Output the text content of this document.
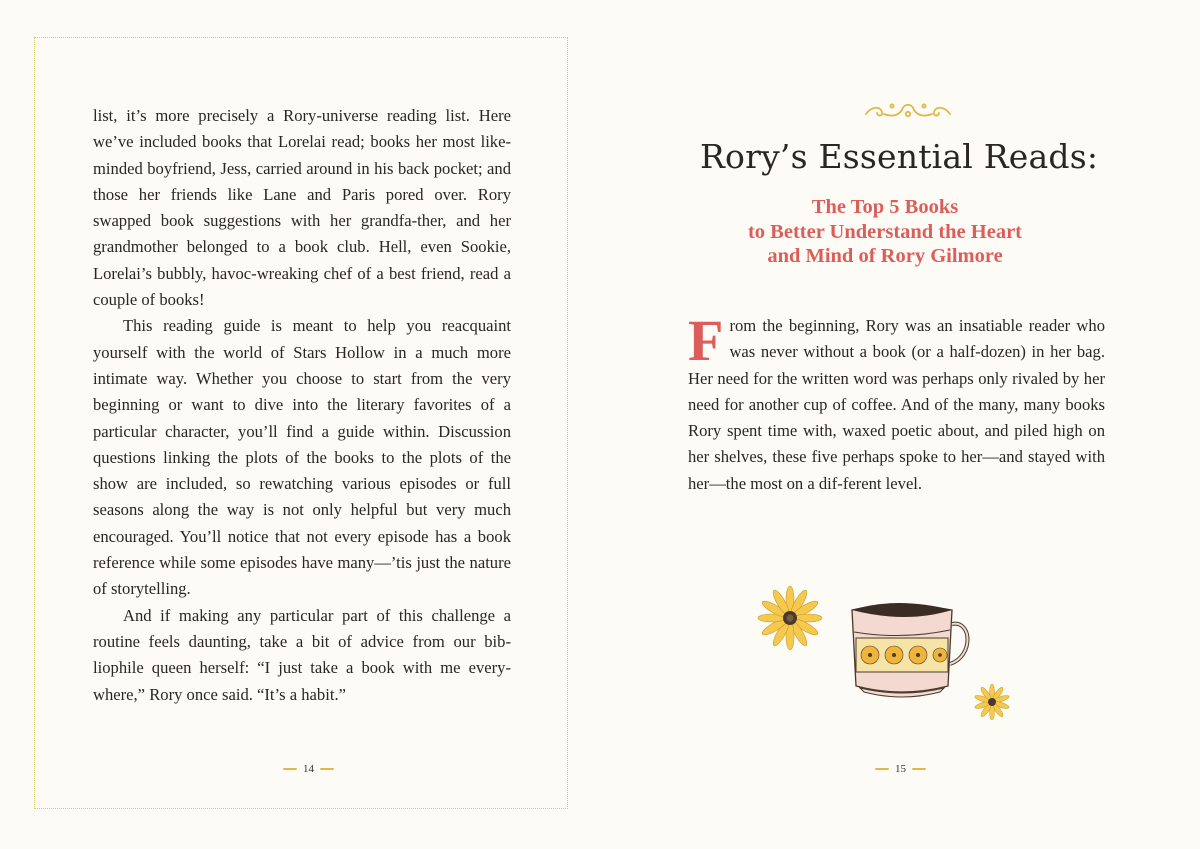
list, it’s more precisely a Rory-universe reading list. Here we’ve included books that Lorelai read; books her most like-minded boyfriend, Jess, carried around in his back pocket; and those her friends like Lane and Paris pored over. Rory swapped book suggestions with her grandfa-ther, and her grandmother belonged to a book club. Hell, even Sookie, Lorelai’s bubbly, havoc-wreaking chef of a best friend, read a couple of books!

This reading guide is meant to help you reacquaint yourself with the world of Stars Hollow in a much more intimate way. Whether you choose to start from the very beginning or want to dive into the literary favorites of a particular character, you’ll find a guide within. Discussion questions linking the plots of the books to the plots of the show are included, so rewatching various episodes or full seasons along the way is not only helpful but very much encouraged. You’ll notice that not every episode has a book reference while some episodes have many—’tis just the nature of storytelling.

And if making any particular part of this challenge a routine feels daunting, take a bit of advice from our bib-liophile queen herself: “I just take a book with me every-where,” Rory once said. “It’s a habit.”

14
Rory’s Essential Reads:
The Top 5 Books
to Better Understand the Heart
and Mind of Rory Gilmore

From the beginning, Rory was an insatiable reader who was never without a book (or a half-dozen) in her bag. Her need for the written word was perhaps only rivaled by her need for another cup of coffee. And of the many, many books Rory spent time with, waxed poetic about, and piled high on her shelves, these five perhaps spoke to her—and stayed with her—the most on a dif-ferent level.

15
